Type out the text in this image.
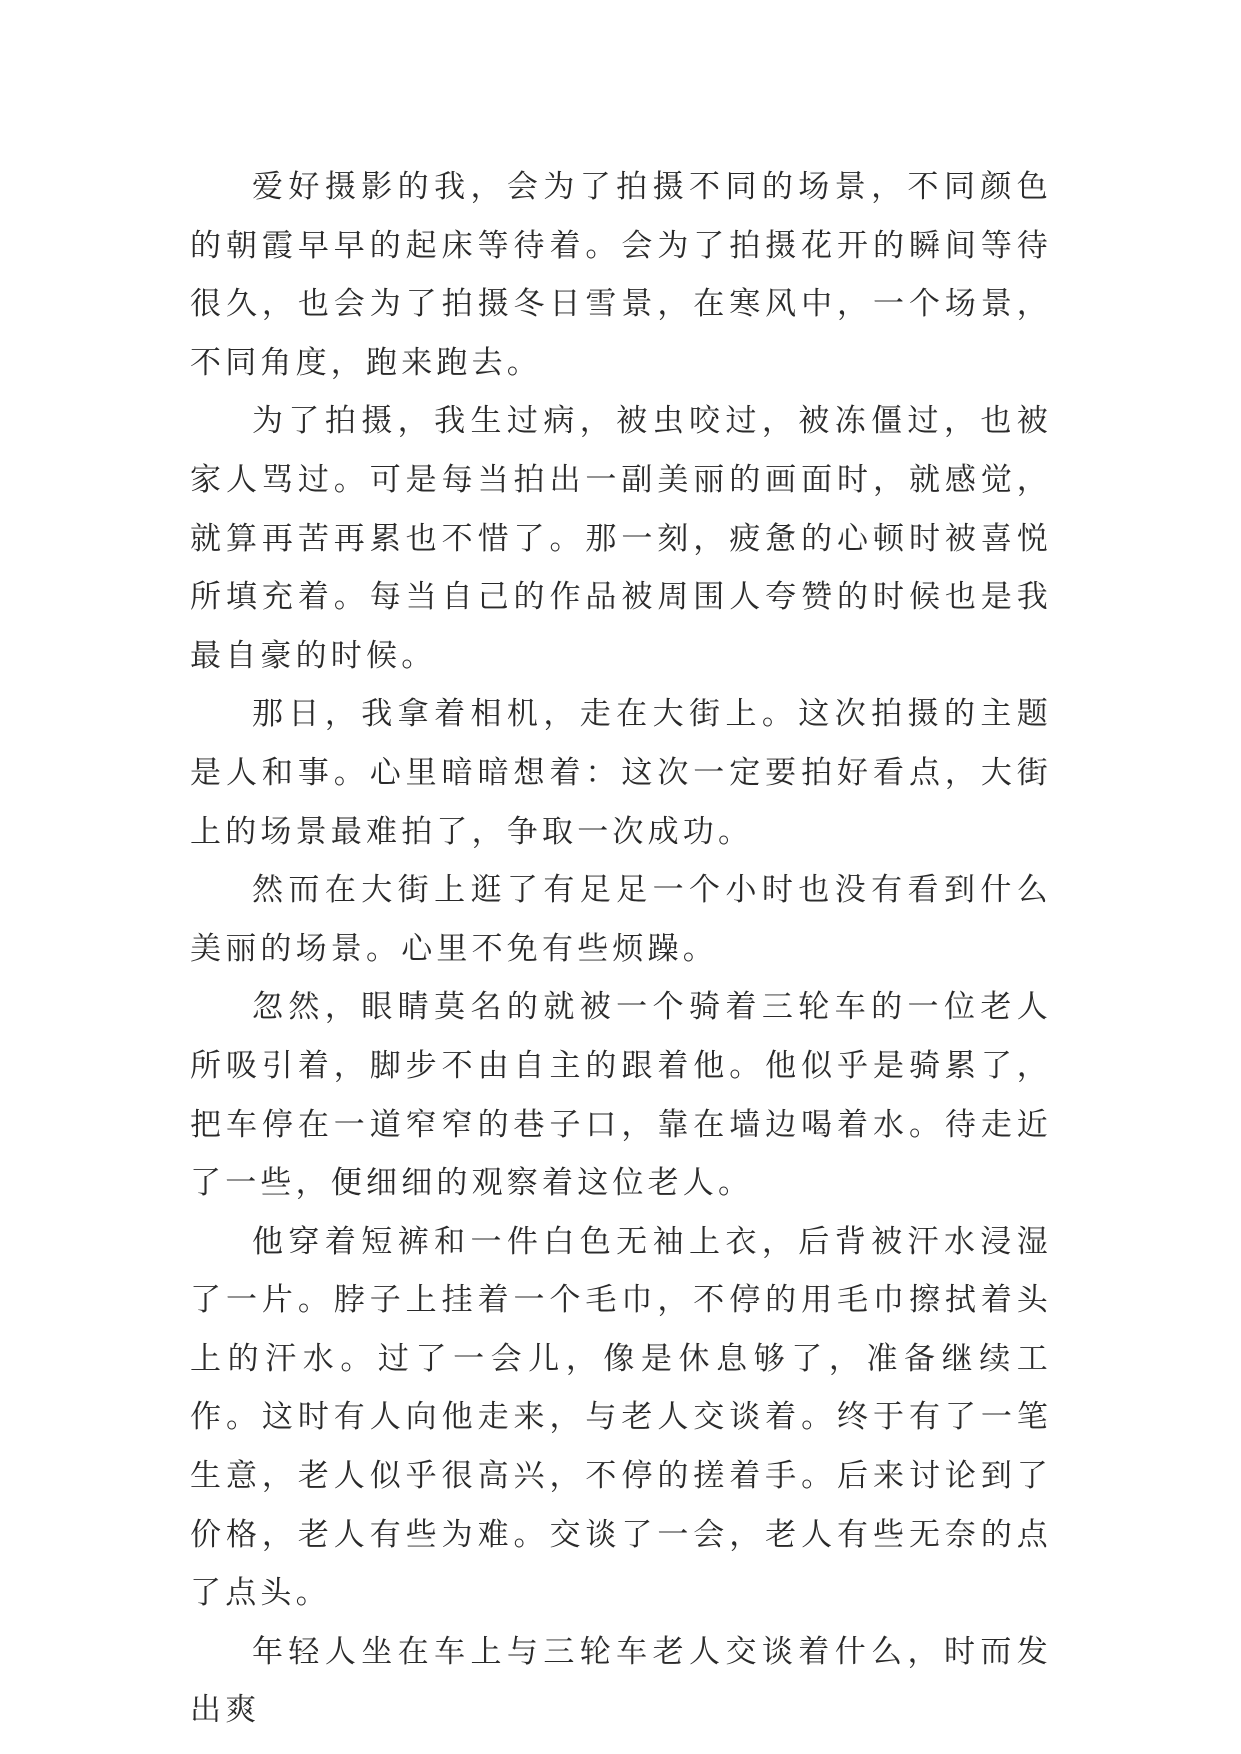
爱好摄影的我，会为了拍摄不同的场景，不同颜色的朝霞早早的起床等待着。会为了拍摄花开的瞬间等待很久，也会为了拍摄冬日雪景，在寒风中，一个场景，不同角度，跑来跑去。

为了拍摄，我生过病，被虫咬过，被冻僵过，也被家人骂过。可是每当拍出一副美丽的画面时，就感觉，就算再苦再累也不惜了。那一刻，疲惫的心顿时被喜悦所填充着。每当自己的作品被周围人夸赞的时候也是我最自豪的时候。

那日，我拿着相机，走在大街上。这次拍摄的主题是人和事。心里暗暗想着：这次一定要拍好看点，大街上的场景最难拍了，争取一次成功。

然而在大街上逛了有足足一个小时也没有看到什么美丽的场景。心里不免有些烦躁。

忽然，眼睛莫名的就被一个骑着三轮车的一位老人所吸引着，脚步不由自主的跟着他。他似乎是骑累了，把车停在一道窄窄的巷子口，靠在墙边喝着水。待走近了一些，便细细的观察着这位老人。

他穿着短裤和一件白色无袖上衣，后背被汗水浸湿了一片。脖子上挂着一个毛巾，不停的用毛巾擦拭着头上的汗水。过了一会儿，像是休息够了，准备继续工作。这时有人向他走来，与老人交谈着。终于有了一笔生意，老人似乎很高兴，不停的搓着手。后来讨论到了价格，老人有些为难。交谈了一会，老人有些无奈的点了点头。

年轻人坐在车上与三轮车老人交谈着什么，时而发出爽
